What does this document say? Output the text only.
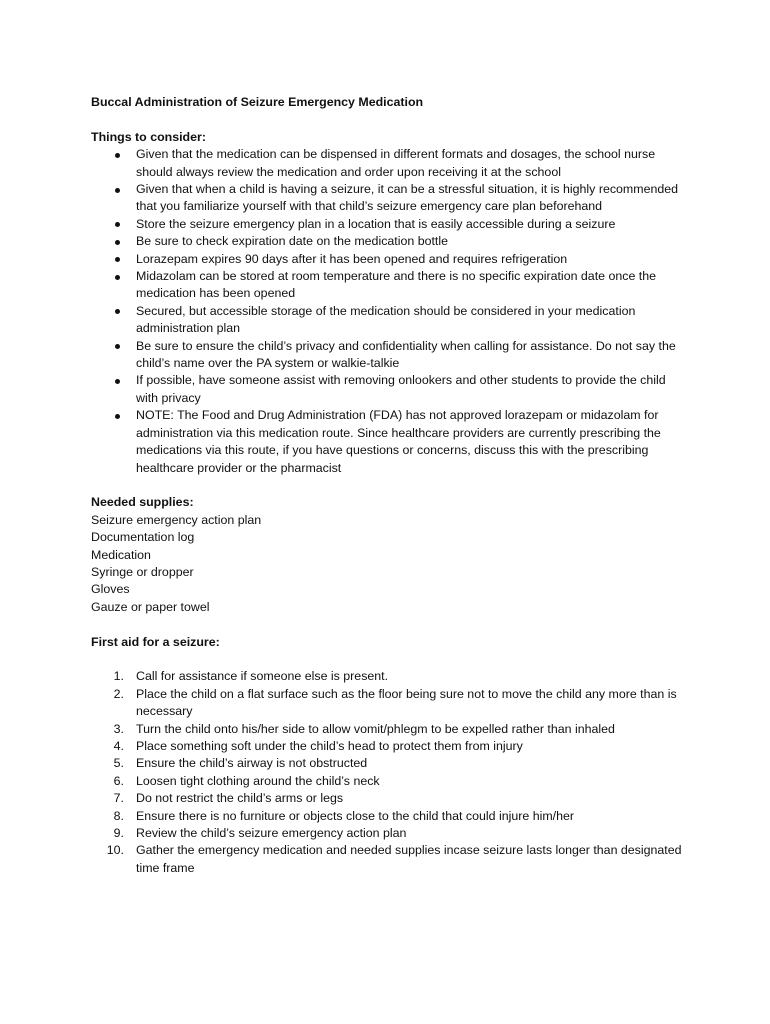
Buccal Administration of Seizure Emergency Medication
Things to consider:
Given that the medication can be dispensed in different formats and dosages, the school nurse should always review the medication and order upon receiving it at the school
Given that when a child is having a seizure, it can be a stressful situation, it is highly recommended that you familiarize yourself with that child’s seizure emergency care plan beforehand
Store the seizure emergency plan in a location that is easily accessible during a seizure
Be sure to check expiration date on the medication bottle
Lorazepam expires 90 days after it has been opened and requires refrigeration
Midazolam can be stored at room temperature and there is no specific expiration date once the medication has been opened
Secured, but accessible storage of the medication should be considered in your medication administration plan
Be sure to ensure the child’s privacy and confidentiality when calling for assistance. Do not say the child’s name over the PA system or walkie-talkie
If possible, have someone assist with removing onlookers and other students to provide the child with privacy
NOTE: The Food and Drug Administration (FDA) has not approved lorazepam or midazolam for administration via this medication route. Since healthcare providers are currently prescribing the medications via this route, if you have questions or concerns, discuss this with the prescribing healthcare provider or the pharmacist
Needed supplies:
Seizure emergency action plan
Documentation log
Medication
Syringe or dropper
Gloves
Gauze or paper towel
First aid for a seizure:
1. Call for assistance if someone else is present.
2. Place the child on a flat surface such as the floor being sure not to move the child any more than is necessary
3. Turn the child onto his/her side to allow vomit/phlegm to be expelled rather than inhaled
4. Place something soft under the child’s head to protect them from injury
5. Ensure the child’s airway is not obstructed
6. Loosen tight clothing around the child’s neck
7. Do not restrict the child’s arms or legs
8. Ensure there is no furniture or objects close to the child that could injure him/her
9. Review the child’s seizure emergency action plan
10. Gather the emergency medication and needed supplies incase seizure lasts longer than designated time frame
